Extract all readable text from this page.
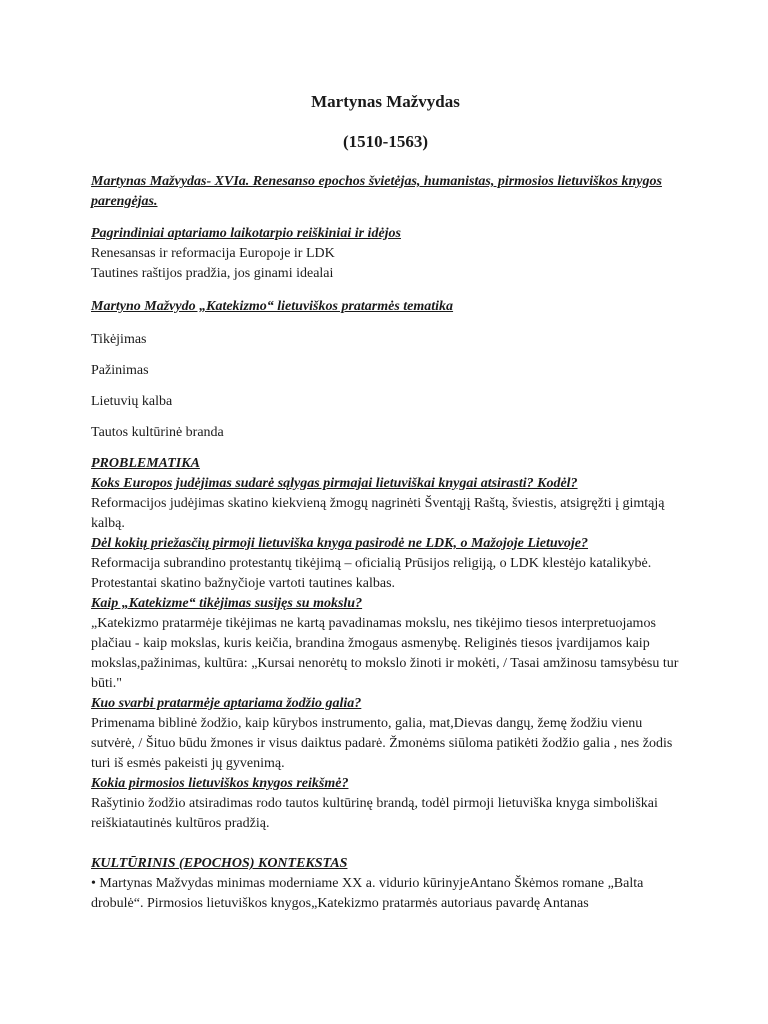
Martynas Mažvydas
(1510-1563)
Martynas Mažvydas- XVIa. Renesanso epochos švietėjas, humanistas, pirmosios lietuviškos knygos parengėjas.
Pagrindiniai aptariamo laikotarpio reiškiniai ir idėjos
Renesansas ir reformacija Europoje ir LDK
Tautines raštijos pradžia, jos ginami idealai
Martyno Mažvydo „Katekizmo“ lietuviškos pratarmės tematika
Tikėjimas
Pažinimas
Lietuvių kalba
Tautos kultūrinė branda
PROBLEMATIKA
Koks Europos judėjimas sudarė sąlygas pirmajai lietuviškai knygai atsirasti? Kodėl?
Reformacijos judėjimas skatino kiekvieną žmogų nagrinėti Šventąjį Raštą, šviestis, atsigręžti į gimtąją kalbą.
Dėl kokių priežasčių pirmoji lietuviška knyga pasirodė ne LDK, o Mažojoje Lietuvoje?
Reformacija subrandino protestantų tikėjimą – oficialią Prūsijos religiją, o LDK klestėjo katalikybė. Protestantai skatino bažnyčioje vartoti tautines kalbas.
Kaip „Katekizme“ tikėjimas susijęs su mokslu?
„Katekizmo pratarmėje tikėjimas ne kartą pavadinamas mokslu, nes tikėjimo tiesos interpretuojamos plačiau - kaip mokslas, kuris keičia, brandina žmogaus asmenybę. Religinės tiesos įvardijamos kaip mokslas,pažinimas, kultūra: „Kursai nenorėtų to mokslo žinoti ir mokėti, / Tasai amžinosu tamsybėsu tur būti."
Kuo svarbi pratarmėje aptariama žodžio galia?
Primenama biblinė žodžio, kaip kūrybos instrumento, galia, mat,Dievas dangų, žemę žodžiu vienu sutvėrė, / Šituo būdu žmones ir visus daiktus padarė. Žmonėms siūloma patikėti žodžio galia , nes žodis turi iš esmės pakeisti jų gyvenimą.
Kokia pirmosios lietuviškos knygos reikšmė?
Rašytinio žodžio atsiradimas rodo tautos kultūrinę brandą, todėl pirmoji lietuviška knyga simboliškai reiškiatautinės kultūros pradžią.
KULTŪRINIS (EPOCHOS) KONTEKSTAS
• Martynas Mažvydas minimas moderniame XX a. vidurio kūrinyjeAntano Škėmos romane „Balta drobulė“. Pirmosios lietuviškos knygos„Katekizmo pratarmės autoriaus pavardę Antanas
